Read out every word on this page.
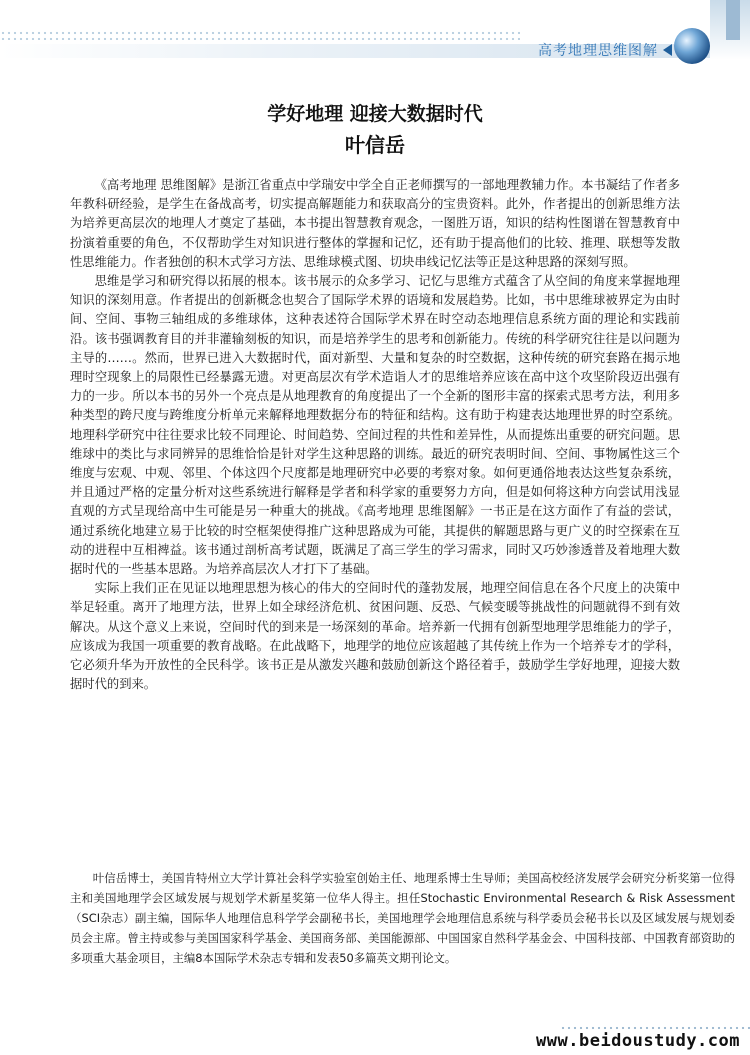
高考地理思维图解
学好地理 迎接大数据时代
叶信岳

《高考地理 思维图解》是浙江省重点中学瑞安中学全自正老师撰写的一部地理教辅力作。本书凝结了作者多年教科研经验，是学生在备战高考，切实提高解题能力和获取高分的宝贵资料。此外，作者提出的创新思维方法为培养更高层次的地理人才奠定了基础，本书提出智慧教育观念，一图胜万语，知识的结构性图谱在智慧教育中扮演着重要的角色，不仅帮助学生对知识进行整体的掌握和记忆，还有助于提高他们的比较、推理、联想等发散性思维能力。作者独创的积木式学习方法、思维球模式图、切块串线记忆法等正是这种思路的深刻写照。

思维是学习和研究得以拓展的根本。该书展示的众多学习、记忆与思维方式蕴含了从空间的角度来掌握地理知识的深刻用意。作者提出的创新概念也契合了国际学术界的语境和发展趋势。比如，书中思维球被界定为由时间、空间、事物三轴组成的多维球体，这种表述符合国际学术界在时空动态地理信息系统方面的理论和实践前沿。该书强调教育目的并非灌输刻板的知识，而是培养学生的思考和创新能力。传统的科学研究往往是以问题为主导的……。然而，世界已进入大数据时代，面对新型、大量和复杂的时空数据，这种传统的研究套路在揭示地理时空现象上的局限性已经暴露无遗。对更高层次有学术造诣人才的思维培养应该在高中这个攻坚阶段迈出强有力的一步。所以本书的另外一个亮点是从地理教育的角度提出了一个全新的图形丰富的探索式思考方法，利用多种类型的跨尺度与跨维度分析单元来解释地理数据分布的特征和结构。这有助于构建表达地理世界的时空系统。地理科学研究中往往要求比较不同理论、时间趋势、空间过程的共性和差异性，从而提炼出重要的研究问题。思维球中的类比与求同辨异的思维恰恰是针对学生这种思路的训练。最近的研究表明时间、空间、事物属性这三个维度与宏观、中观、邻里、个体这四个尺度都是地理研究中必要的考察对象。如何更通俗地表达这些复杂系统，并且通过严格的定量分析对这些系统进行解释是学者和科学家的重要努力方向，但是如何将这种方向尝试用浅显直观的方式呈现给高中生可能是另一种重大的挑战。《高考地理 思维图解》一书正是在这方面作了有益的尝试，通过系统化地建立易于比较的时空框架使得推广这种思路成为可能，其提供的解题思路与更广义的时空探索在互动的进程中互相裨益。该书通过剖析高考试题，既满足了高三学生的学习需求，同时又巧妙渗透普及着地理大数据时代的一些基本思路。为培养高层次人才打下了基础。

实际上我们正在见证以地理思想为核心的伟大的空间时代的蓬勃发展，地理空间信息在各个尺度上的决策中举足轻重。离开了地理方法，世界上如全球经济危机、贫困问题、反恐、气候变暖等挑战性的问题就得不到有效解决。从这个意义上来说，空间时代的到来是一场深刻的革命。培养新一代拥有创新型地理学思维能力的学子，应该成为我国一项重要的教育战略。在此战略下，地理学的地位应该超越了其传统上作为一个培养专才的学科，它必须升华为开放性的全民科学。该书正是从激发兴趣和鼓励创新这个路径着手，鼓励学生学好地理，迎接大数据时代的到来。

叶信岳博士，美国肯特州立大学计算社会科学实验室创始主任、地理系博士生导师；美国高校经济发展学会研究分析奖第一位得主和美国地理学会区域发展与规划学术新星奖第一位华人得主。担任Stochastic Environmental Research & Risk Assessment（SCI杂志）副主编，国际华人地理信息科学学会副秘书长，美国地理学会地理信息系统与科学委员会秘书长以及区域发展与规划委员会主席。曾主持或参与美国国家科学基金、美国商务部、美国能源部、中国国家自然科学基金会、中国科技部、中国教育部资助的多项重大基金项目，主编8本国际学术杂志专辑和发表50多篇英文期刊论文。

www.beidoustudy.com
